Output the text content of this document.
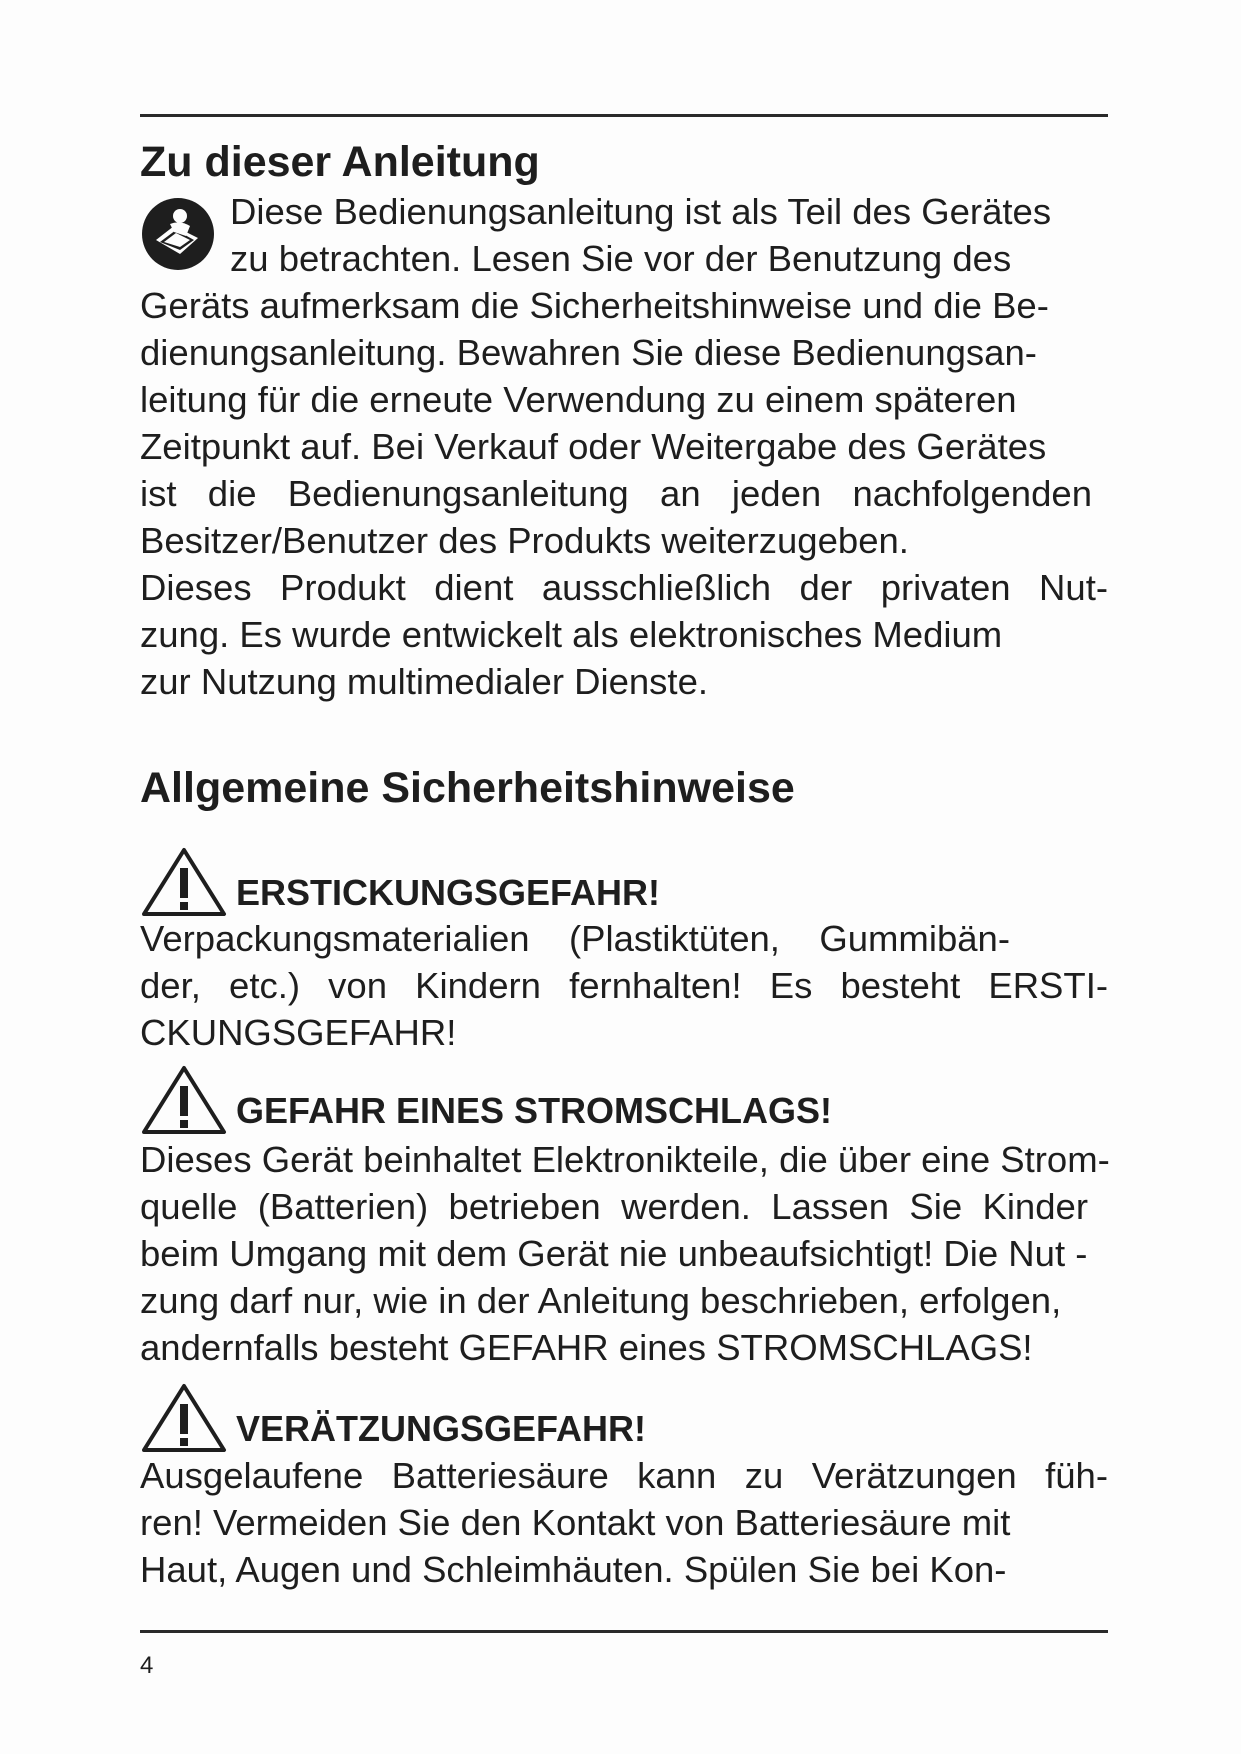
Zu dieser Anleitung
Diese Bedienungsanleitung ist als Teil des Gerätes
zu betrachten. Lesen Sie vor der Benutzung des
Geräts aufmerksam die Sicherheitshinweise und die Be-
dienungsanleitung. Bewahren Sie diese Bedienungsan-
leitung für die erneute Verwendung zu einem späteren
Zeitpunkt auf. Bei Verkauf oder Weitergabe des Gerätes
ist die Bedienungsanleitung an jeden nachfolgenden
Besitzer/Benutzer des Produkts weiterzugeben.
Dieses Produkt dient ausschließlich der privaten Nut-
zung. Es wurde entwickelt als elektronisches Medium
zur Nutzung multimedialer Dienste.
Allgemeine Sicherheitshinweise
ERSTICKUNGSGEFAHR!
Verpackungsmaterialien (Plastiktüten, Gummibän-
der, etc.) von Kindern fernhalten! Es besteht ERSTI-
CKUNGSGEFAHR!
GEFAHR EINES STROMSCHLAGS!
Dieses Gerät beinhaltet Elektronikteile, die über eine Strom-
quelle (Batterien) betrieben werden. Lassen Sie Kinder
beim Umgang mit dem Gerät nie unbeaufsichtigt! Die Nut -
zung darf nur, wie in der Anleitung beschrieben, erfolgen,
andernfalls besteht GEFAHR eines STROMSCHLAGS!
VERÄTZUNGSGEFAHR!
Ausgelaufene Batteriesäure kann zu Verätzungen füh-
ren! Vermeiden Sie den Kontakt von Batteriesäure mit
Haut, Augen und Schleimhäuten. Spülen Sie bei Kon-
4
